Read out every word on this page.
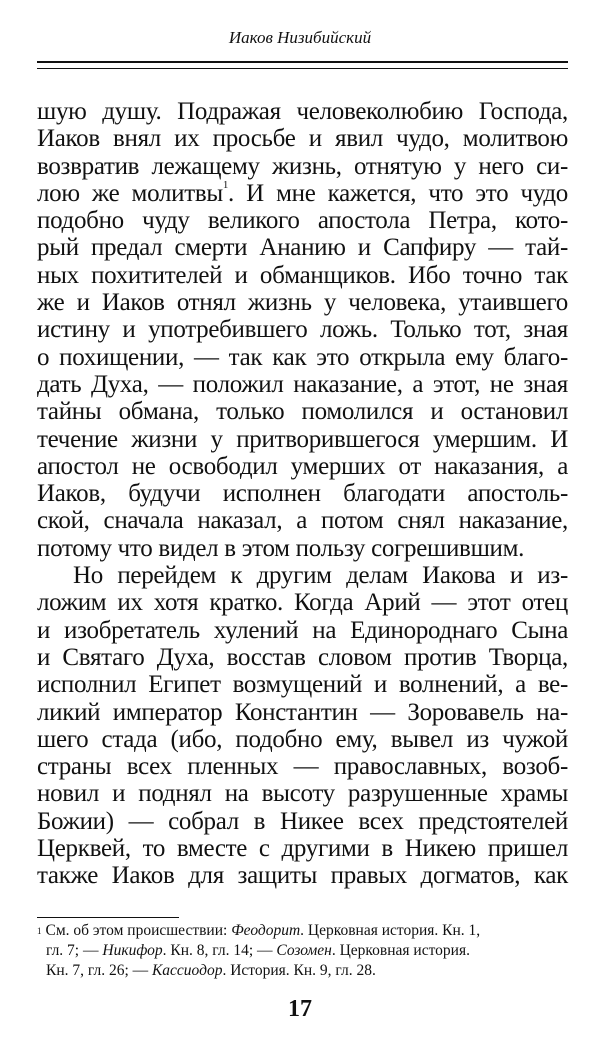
Иаков Низибийский
шую душу. Подражая человеколюбию Господа,
Иаков внял их просьбе и явил чудо, молитвою
возвратив лежащему жизнь, отнятую у него си-
лою же молитвы$^1$. И мне кажется, что это чудо
подобно чуду великого апостола Петра, кото-
рый предал смерти Ананию и Сапфиру — тай-
ных похитителей и обманщиков. Ибо точно так
же и Иаков отнял жизнь у человека, утаившего
истину и употребившего ложь. Только тот, зная
о похищении, — так как это открыла ему благо-
дать Духа, — положил наказание, а этот, не зная
тайны обмана, только помолился и остановил
течение жизни у притворившегося умершим. И
апостол не освободил умерших от наказания, а
Иаков, будучи исполнен благодати апостоль-
ской, сначала наказал, а потом снял наказание,
потому что видел в этом пользу согрешившим.
Но перейдем к другим делам Иакова и из-
ложим их хотя кратко. Когда Арий — этот отец
и изобретатель хулений на Единороднаго Сына
и Святаго Духа, восстав словом против Творца,
исполнил Египет возмущений и волнений, а ве-
ликий император Константин — Зоровавель на-
шего стада (ибо, подобно ему, вывел из чужой
страны всех пленных — православных, возоб-
новил и поднял на высоту разрушенные храмы
Божии) — собрал в Никее всех предстоятелей
Церквей, то вместе с другими в Никею пришел
также Иаков для защиты правых догматов, как
$^1$ См. об этом происшествии: Феодорит. Церковная история. Кн. 1,
гл. 7; — Никифор. Кн. 8, гл. 14; — Созомен. Церковная история.
Кн. 7, гл. 26; — Кассиодор. История. Кн. 9, гл. 28.
17
